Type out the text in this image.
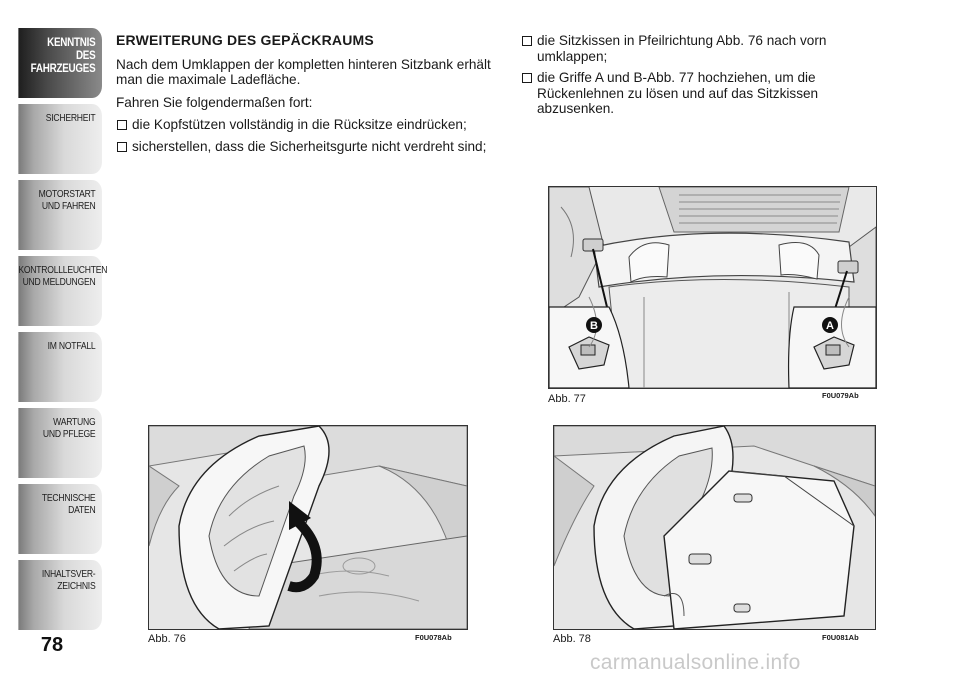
KENNTNIS
DES FAHRZEUGES
SICHERHEIT
MOTORSTART
UND FAHREN
KONTROLLLEUCHTEN
UND MELDUNGEN
IM NOTFALL
WARTUNG
UND PFLEGE
TECHNISCHE
DATEN
INHALTSVER-
ZEICHNIS
78
ERWEITERUNG DES GEPÄCKRAUMS

Nach dem Umklappen der kompletten hinteren Sitzbank erhält man die maximale Ladefläche.

Fahren Sie folgendermaßen fort:

die Kopfstützen vollständig in die Rücksitze eindrücken;
sicherstellen, dass die Sicherheitsgurte nicht verdreht sind;
die Sitzkissen in Pfeilrichtung Abb. 76 nach vorn umklappen;
die Griffe A und B-Abb. 77 hochziehen, um die Rückenlehnen zu lösen und auf das Sitzkissen abzusenken.
B	A
Abb. 77	F0U079Ab
Abb. 76	F0U078Ab	Abb. 78	F0U081Ab
carmanualsonline.info
